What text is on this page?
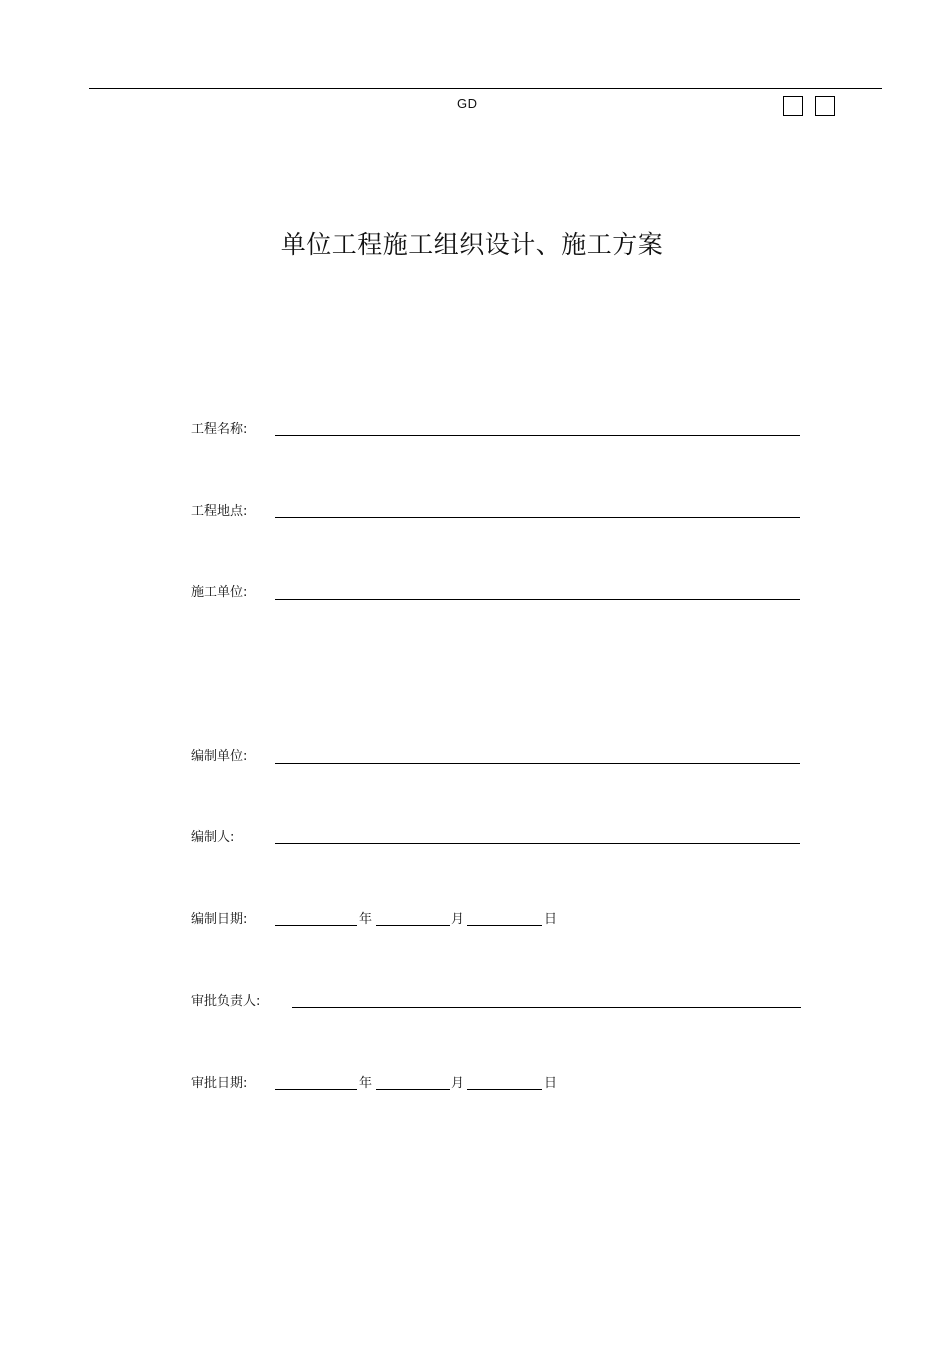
GD
单位工程施工组织设计、施工方案
工程名称:
工程地点:
施工单位:
编制单位:
编制人:
编制日期:	年	月	日
审批负责人:
审批日期:	年	月	日
